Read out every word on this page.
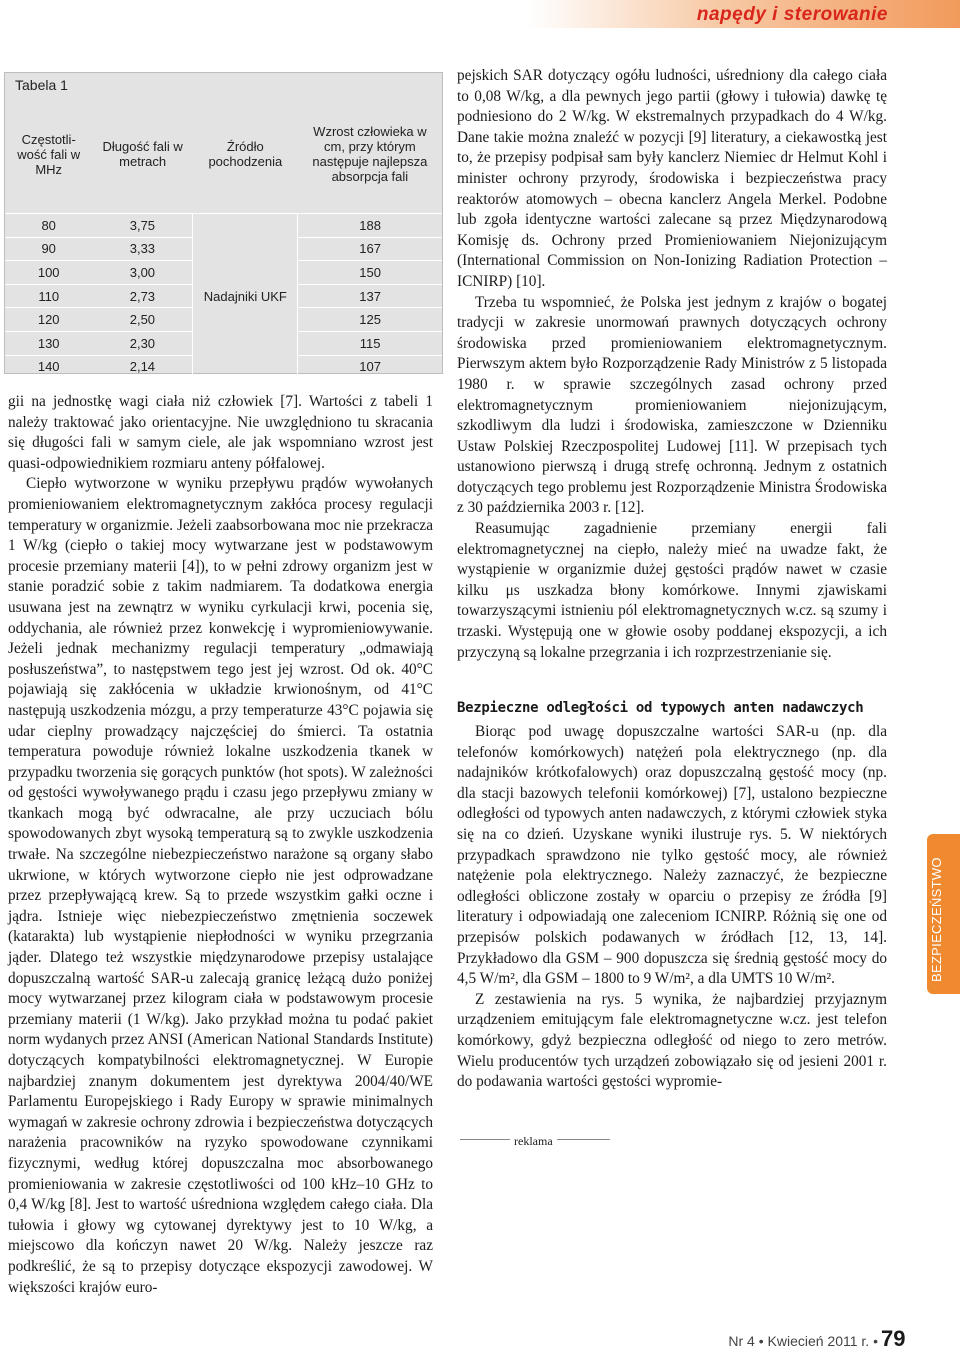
napędy i sterowanie
Tabela 1
Częstotli-wość fali w MHz	Długość fali w metrach	Źródło pochodzenia	Wzrost człowieka w cm, przy którym następuje najlepsza absorpcja fali
80	3,75	Nadajniki UKF	188
90	3,33		167
100	3,00		150
110	2,73		137
120	2,50		125
130	2,30		115
140	2,14		107

gii na jednostkę wagi ciała niż człowiek [7]. Wartości z tabeli 1 należy traktować jako orientacyjne. Nie uwzględniono tu skracania się długości fali w samym ciele, ale jak wspomniano wzrost jest quasi-odpowiednikiem rozmiaru anteny półfalowej.

Ciepło wytworzone w wyniku przepływu prądów wywołanych promieniowaniem elektromagnetycznym zakłóca procesy regulacji temperatury w organizmie. Jeżeli zaabsorbowana moc nie przekracza 1 W/kg (ciepło o takiej mocy wytwarzane jest w podstawowym procesie przemiany materii [4]), to w pełni zdrowy organizm jest w stanie poradzić sobie z takim nadmiarem. Ta dodatkowa energia usuwana jest na zewnątrz w wyniku cyrkulacji krwi, pocenia się, oddychania, ale również przez konwekcję i wypromieniowywanie. Jeżeli jednak mechanizmy regulacji temperatury „odmawiają posłuszeństwa”, to następstwem tego jest jej wzrost. Od ok. 40°C pojawiają się zakłócenia w układzie krwionośnym, od 41°C następują uszkodzenia mózgu, a przy temperaturze 43°C pojawia się udar cieplny prowadzący najczęściej do śmierci. Ta ostatnia temperatura powoduje również lokalne uszkodzenia tkanek w przypadku tworzenia się gorących punktów (hot spots). W zależności od gęstości wywoływanego prądu i czasu jego przepływu zmiany w tkankach mogą być odwracalne, ale przy uczuciach bólu spowodowanych zbyt wysoką temperaturą są to zwykle uszkodzenia trwałe. Na szczególne niebezpieczeństwo narażone są organy słabo ukrwione, w których wytworzone ciepło nie jest odprowadzane przez przepływającą krew. Są to przede wszystkim gałki oczne i jądra. Istnieje więc niebezpieczeństwo zmętnienia soczewek (katarakta) lub wystąpienie niepłodności w wyniku przegrzania jąder. Dlatego też wszystkie międzynarodowe przepisy ustalające dopuszczalną wartość SAR-u zalecają granicę leżącą dużo poniżej mocy wytwarzanej przez kilogram ciała w podstawowym procesie przemiany materii (1 W/kg). Jako przykład można tu podać pakiet norm wydanych przez ANSI (American National Standards Institute) dotyczących kompatybilności elektromagnetycznej. W Europie najbardziej znanym dokumentem jest dyrektywa 2004/40/WE Parlamentu Europejskiego i Rady Europy w sprawie minimalnych wymagań w zakresie ochrony zdrowia i bezpieczeństwa dotyczących narażenia pracowników na ryzyko spowodowane czynnikami fizycznymi, według której dopuszczalna moc absorbowanego promieniowania w zakresie częstotliwości od 100 kHz–10 GHz to 0,4 W/kg [8]. Jest to wartość uśredniona względem całego ciała. Dla tułowia i głowy wg cytowanej dyrektywy jest to 10 W/kg, a miejscowo dla kończyn nawet 20 W/kg. Należy jeszcze raz podkreślić, że są to przepisy dotyczące ekspozycji zawodowej. W większości krajów euro-

pejskich SAR dotyczący ogółu ludności, uśredniony dla całego ciała to 0,08 W/kg, a dla pewnych jego partii (głowy i tułowia) dawkę tę podniesiono do 2 W/kg. W ekstremalnych przypadkach do 4 W/kg. Dane takie można znaleźć w pozycji [9] literatury, a ciekawostką jest to, że przepisy podpisał sam były kanclerz Niemiec dr Helmut Kohl i minister ochrony przyrody, środowiska i bezpieczeństwa pracy reaktorów atomowych – obecna kanclerz Angela Merkel. Podobne lub zgoła identyczne wartości zalecane są przez Międzynarodową Komisję ds. Ochrony przed Promieniowaniem Niejonizującym (International Commission on Non-Ionizing Radiation Protection – ICNIRP) [10].

Trzeba tu wspomnieć, że Polska jest jednym z krajów o bogatej tradycji w zakresie unormowań prawnych dotyczących ochrony środowiska przed promieniowaniem elektromagnetycznym. Pierwszym aktem było Rozporządzenie Rady Ministrów z 5 listopada 1980 r. w sprawie szczególnych zasad ochrony przed elektromagnetycznym promieniowaniem niejonizującym, szkodliwym dla ludzi i środowiska, zamieszczone w Dzienniku Ustaw Polskiej Rzeczpospolitej Ludowej [11]. W przepisach tych ustanowiono pierwszą i drugą strefę ochronną. Jednym z ostatnich dotyczących tego problemu jest Rozporządzenie Ministra Środowiska z 30 października 2003 r. [12].

Reasumując zagadnienie przemiany energii fali elektromagnetycznej na ciepło, należy mieć na uwadze fakt, że wystąpienie w organizmie dużej gęstości prądów nawet w czasie kilku μs uszkadza błony komórkowe. Innymi zjawiskami towarzyszącymi istnieniu pól elektromagnetycznych w.cz. są szumy i trzaski. Występują one w głowie osoby poddanej ekspozycji, a ich przyczyną są lokalne przegrzania i ich rozprzestrzenianie się.

Bezpieczne odległości od typowych anten nadawczych

Biorąc pod uwagę dopuszczalne wartości SAR-u (np. dla telefonów komórkowych) natężeń pola elektrycznego (np. dla nadajników krótkofalowych) oraz dopuszczalną gęstość mocy (np. dla stacji bazowych telefonii komórkowej) [7], ustalono bezpieczne odległości od typowych anten nadawczych, z którymi człowiek styka się na co dzień. Uzyskane wyniki ilustruje rys. 5. W niektórych przypadkach sprawdzono nie tylko gęstość mocy, ale również natężenie pola elektrycznego. Należy zaznaczyć, że bezpieczne odległości obliczone zostały w oparciu o przepisy ze źródła [9] literatury i odpowiadają one zaleceniom ICNIRP. Różnią się one od przepisów polskich podawanych w źródłach [12, 13, 14]. Przykładowo dla GSM – 900 dopuszcza się średnią gęstość mocy do 4,5 W/m², dla GSM – 1800 to 9 W/m², a dla UMTS 10 W/m².

Z zestawienia na rys. 5 wynika, że najbardziej przyjaznym urządzeniem emitującym fale elektromagnetyczne w.cz. jest telefon komórkowy, gdyż bezpieczna odległość od niego to zero metrów. Wielu producentów tych urządzeń zobowiązało się od jesieni 2001 r. do podawania wartości gęstości wypromie-

reklama
BEZPIECZEŃSTWO
Nr 4 • Kwiecień 2011 r. • 79
